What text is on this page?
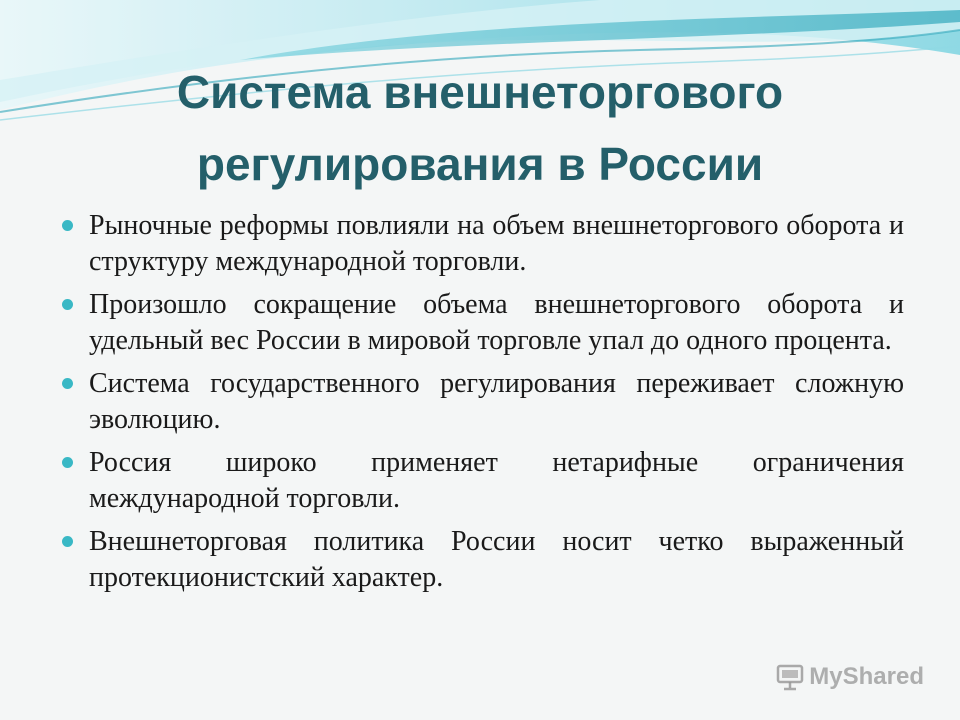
Система внешнеторгового
регулирования в России
Рыночные реформы повлияли на объем внешнеторгового оборота и структуру международной торговли.
Произошло сокращение объема внешнеторгового оборота и удельный вес России в мировой торговле упал до одного процента.
Система государственного регулирования переживает сложную эволюцию.
Россия широко применяет нетарифные ограничения международной торговли.
Внешнеторговая политика России носит четко выраженный протекционистский характер.
MyShared
